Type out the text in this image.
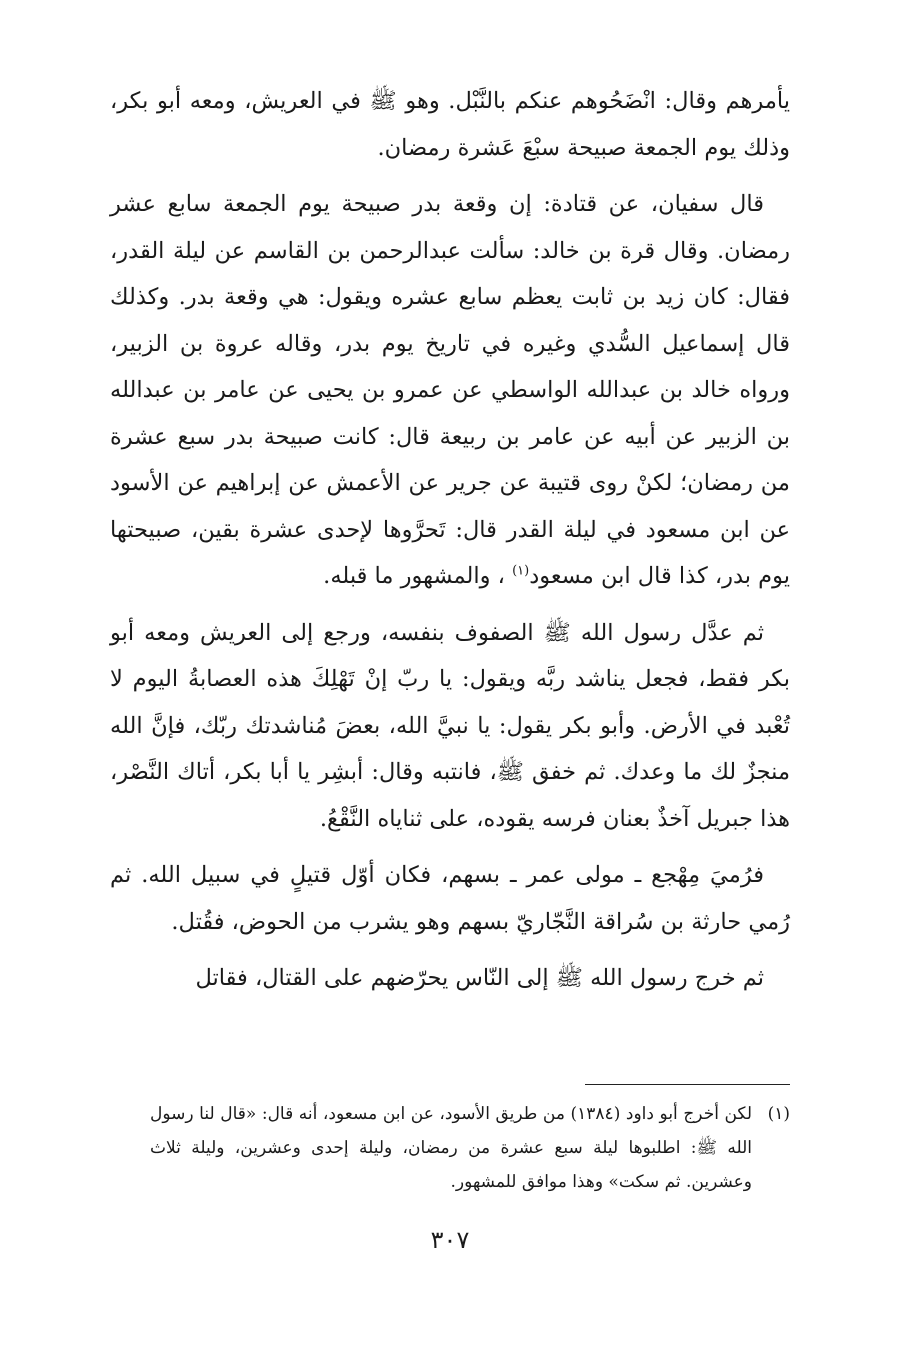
يأمرهم وقال: انْضَحُوهم عنكم بالنَّبْل. وهو ﷺ في العريش، ومعه أبو بكر، وذلك يوم الجمعة صبيحة سبْعَ عَشرة رمضان.

قال سفيان، عن قتادة: إن وقعة بدر صبيحة يوم الجمعة سابع عشر رمضان. وقال قرة بن خالد: سألت عبدالرحمن بن القاسم عن ليلة القدر، فقال: كان زيد بن ثابت يعظم سابع عشره ويقول: هي وقعة بدر. وكذلك قال إسماعيل السُّدي وغيره في تاريخ يوم بدر، وقاله عروة بن الزبير، ورواه خالد بن عبدالله الواسطي عن عمرو بن يحيى عن عامر بن عبدالله بن الزبير عن أبيه عن عامر بن ربيعة قال: كانت صبيحة بدر سبع عشرة من رمضان؛ لكنْ روى قتيبة عن جرير عن الأعمش عن إبراهيم عن الأسود عن ابن مسعود في ليلة القدر قال: تَحرَّوها لإحدى عشرة بقين، صبيحتها يوم بدر، كذا قال ابن مسعود$^{(١)}$ ، والمشهور ما قبله.

ثم عدَّل رسول الله ﷺ الصفوف بنفسه، ورجع إلى العريش ومعه أبو بكر فقط، فجعل يناشد ربَّه ويقول: يا ربّ إنْ تَهْلِكَ هذه العصابةُ اليوم لا تُعْبد في الأرض. وأبو بكر يقول: يا نبيَّ الله، بعضَ مُناشدتك ربّك، فإنَّ الله منجزٌ لك ما وعدك. ثم خفق ﷺ، فانتبه وقال: أبشِر يا أبا بكر، أتاك النَّصْر، هذا جبريل آخذٌ بعنان فرسه يقوده، على ثناياه النَّقْعُ.

فرُميَ مِهْجع ـ مولى عمر ـ بسهم، فكان أوّل قتيلٍ في سبيل الله. ثم رُمي حارثة بن سُراقة النَّجّاريّ بسهم وهو يشرب من الحوض، فقُتل.

ثم خرج رسول الله ﷺ إلى النّاس يحرّضهم على القتال، فقاتل

(١)
لكن أخرج أبو داود (١٣٨٤) من طريق الأسود، عن ابن مسعود، أنه قال: «قال لنا رسول الله ﷺ: اطلبوها ليلة سبع عشرة من رمضان، وليلة إحدى وعشرين، وليلة ثلاث وعشرين. ثم سكت» وهذا موافق للمشهور.
٣٠٧
